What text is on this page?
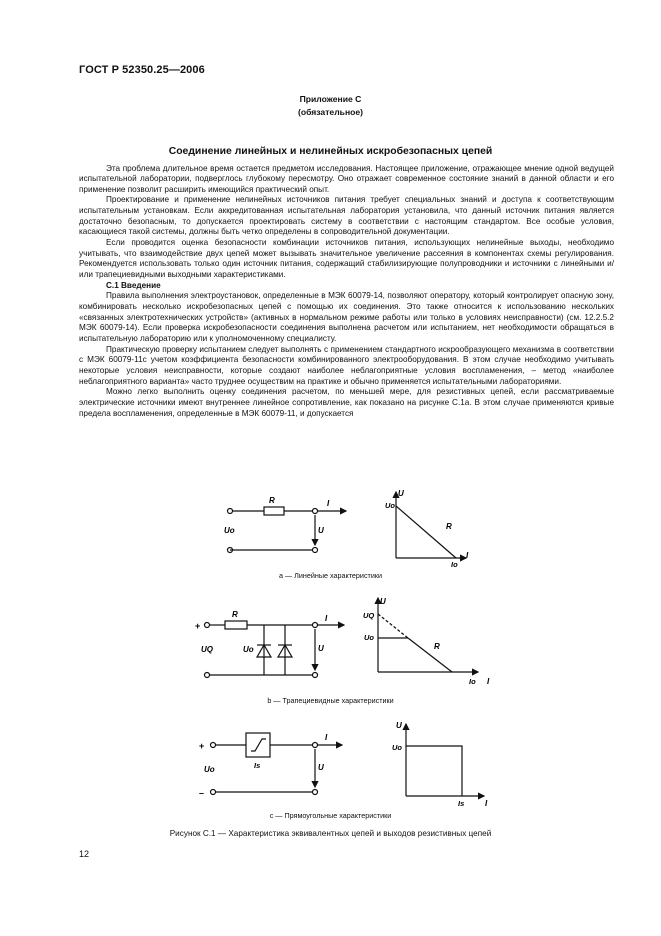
ГОСТ Р 52350.25—2006
Приложение С
(обязательное)
Соединение линейных и нелинейных искробезопасных цепей

Эта проблема длительное время остается предметом исследования. Настоящее приложение, отражающее мнение одной ведущей испытательной лаборатории, подверглось глубокому пересмотру. Оно отражает современное состояние знаний в данной области и его применение позволит расширить имеющийся практический опыт.

Проектирование и применение нелинейных источников питания требует специальных знаний и доступа к соответствующим испытательным установкам. Если аккредитованная испытательная лаборатория установила, что данный источник питания является достаточно безопасным, то допускается проектировать систему в соответствии с настоящим стандартом. Все особые условия, касающиеся такой системы, должны быть четко определены в сопроводительной документации.

Если проводится оценка безопасности комбинации источников питания, использующих нелинейные выходы, необходимо учитывать, что взаимодействие двух цепей может вызывать значительное увеличение рассеяния в компонентах схемы регулирования. Рекомендуется использовать только один источник питания, содержащий стабилизирующие полупроводники и источники с линейными и/или трапециевидными выходными характеристиками.

С.1 Введение

Правила выполнения электроустановок, определенные в МЭК 60079-14, позволяют оператору, который контролирует опасную зону, комбинировать несколько искробезопасных цепей с помощью их соединения. Это также относится к использованию нескольких «связанных электротехнических устройств» (активных в нормальном режиме работы или только в условиях неисправности) (см. 12.2.5.2 МЭК 60079-14). Если проверка искробезопасности соединения выполнена расчетом или испытанием, нет необходимости обращаться в испытательную лабораторию или к уполномоченному специалисту.

Практическую проверку испытанием следует выполнять с применением стандартного искрообразующего механизма в соответствии с МЭК 60079-11с учетом коэффициента безопасности комбинированного электрооборудования. В этом случае необходимо учитывать некоторые условия неисправности, которые создают наиболее неблагоприятные условия воспламенения, – метод «наиболее неблагоприятного варианта» часто труднее осуществим на практике и обычно применяется испытательными лабораториями.

Можно легко выполнить оценку соединения расчетом, по меньшей мере, для резистивных цепей, если рассматриваемые электрические источники имеют внутреннее линейное сопротивление, как показано на рисунке С.1а. В этом случае применяются кривые предела воспламенения, определенные в МЭК 60079-11, и допускается

R	I
U
Uo
U
Uo
R
Io
I
+
R
UQ	Uo
I
U
U
UQ
Uo
R
Io I
+
–
Uo	Is
I
U
U
Uo
Is	I
а — Линейные характеристики
b — Трапециевидные характеристики
с — Прямоугольные характеристики
Рисунок С.1 — Характеристика эквивалентных цепей и выходов резистивных цепей
12
